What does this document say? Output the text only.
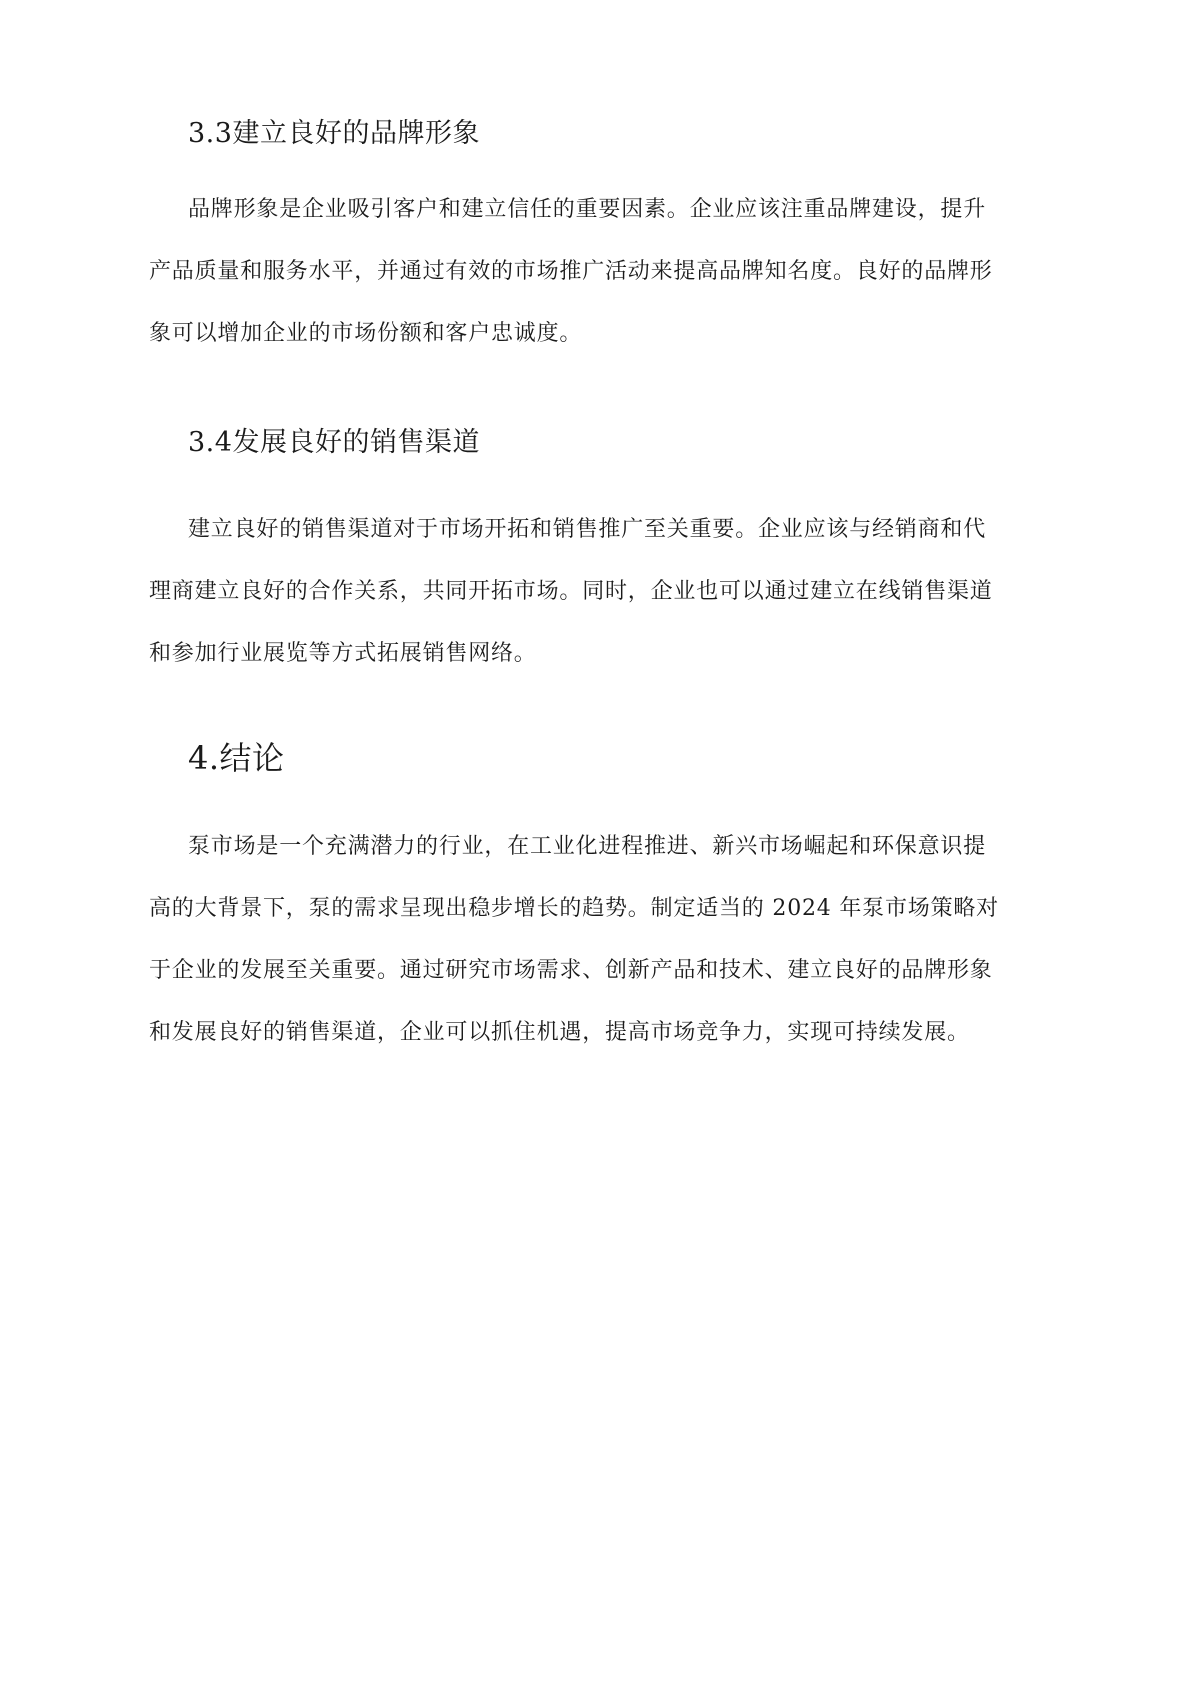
3.3建立良好的品牌形象
品牌形象是企业吸引客户和建立信任的重要因素。企业应该注重品牌建设，提升
产品质量和服务水平，并通过有效的市场推广活动来提高品牌知名度。良好的品牌形
象可以增加企业的市场份额和客户忠诚度。
3.4发展良好的销售渠道
建立良好的销售渠道对于市场开拓和销售推广至关重要。企业应该与经销商和代
理商建立良好的合作关系，共同开拓市场。同时，企业也可以通过建立在线销售渠道
和参加行业展览等方式拓展销售网络。
4.结论
泵市场是一个充满潜力的行业，在工业化进程推进、新兴市场崛起和环保意识提
高的大背景下，泵的需求呈现出稳步增长的趋势。制定适当的 2024 年泵市场策略对
于企业的发展至关重要。通过研究市场需求、创新产品和技术、建立良好的品牌形象
和发展良好的销售渠道，企业可以抓住机遇，提高市场竞争力，实现可持续发展。
